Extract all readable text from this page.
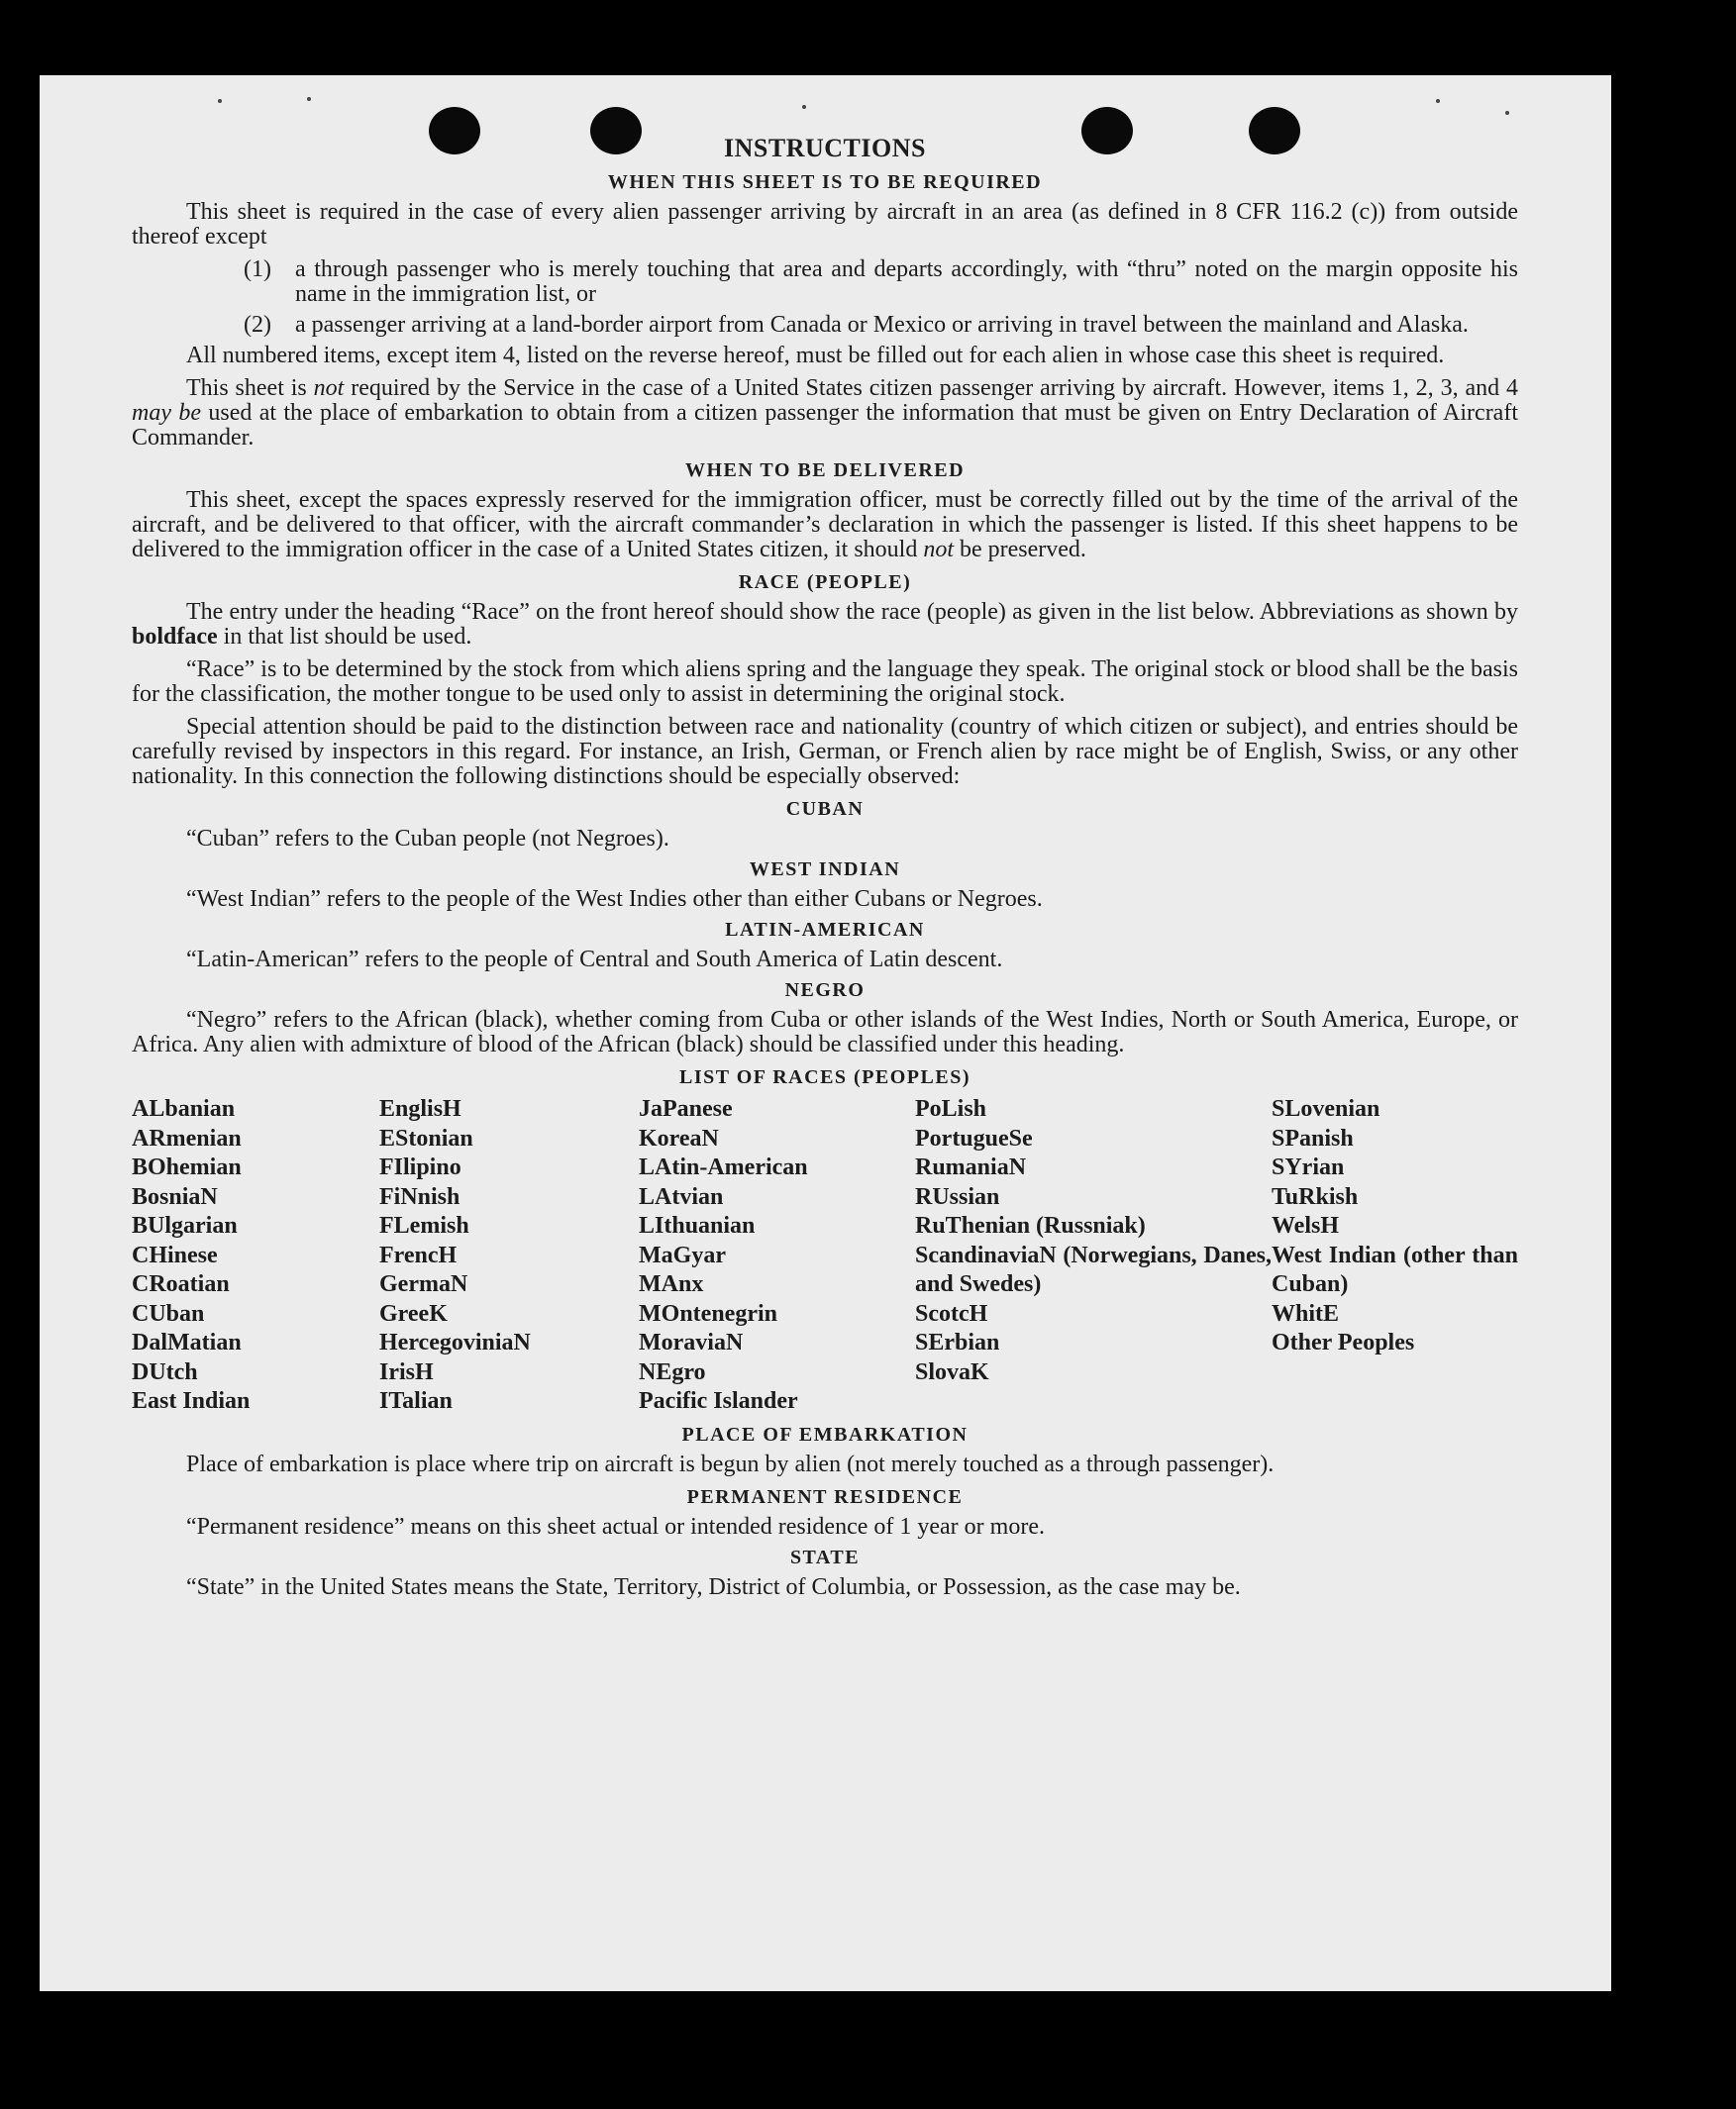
INSTRUCTIONS
WHEN THIS SHEET IS TO BE REQUIRED

This sheet is required in the case of every alien passenger arriving by aircraft in an area (as defined in 8 CFR 116.2 (c)) from outside thereof except

(1)	a through passenger who is merely touching that area and departs accordingly, with “thru” noted on the margin opposite his name in the immigration list, or
(2)	a passenger arriving at a land-border airport from Canada or Mexico or arriving in travel between the mainland and Alaska.

All numbered items, except item 4, listed on the reverse hereof, must be filled out for each alien in whose case this sheet is required.

This sheet is not required by the Service in the case of a United States citizen passenger arriving by aircraft. However, items 1, 2, 3, and 4 may be used at the place of embarkation to obtain from a citizen passenger the information that must be given on Entry Declaration of Aircraft Commander.

WHEN TO BE DELIVERED

This sheet, except the spaces expressly reserved for the immigration officer, must be correctly filled out by the time of the arrival of the aircraft, and be delivered to that officer, with the aircraft commander’s declaration in which the passenger is listed. If this sheet happens to be delivered to the immigration officer in the case of a United States citizen, it should not be preserved.

RACE (PEOPLE)

The entry under the heading “Race” on the front hereof should show the race (people) as given in the list below. Abbreviations as shown by boldface in that list should be used.

“Race” is to be determined by the stock from which aliens spring and the language they speak. The original stock or blood shall be the basis for the classification, the mother tongue to be used only to assist in determining the original stock.

Special attention should be paid to the distinction between race and nationality (country of which citizen or subject), and entries should be carefully revised by inspectors in this regard. For instance, an Irish, German, or French alien by race might be of English, Swiss, or any other nationality. In this connection the following distinctions should be especially observed:

CUBAN
“Cuban” refers to the Cuban people (not Negroes).
WEST INDIAN
“West Indian” refers to the people of the West Indies other than either Cubans or Negroes.
LATIN-AMERICAN
“Latin-American” refers to the people of Central and South America of Latin descent.
NEGRO

“Negro” refers to the African (black), whether coming from Cuba or other islands of the West Indies, North or South America, Europe, or Africa. Any alien with admixture of blood of the African (black) should be classified under this heading.

LIST OF RACES (PEOPLES)
ALbanian
ARmenian
BOhemian
BosniaN
BUlgarian
CHinese
CRoatian
CUban
DalMatian
DUtch
East Indian
EnglisH
EStonian
FIlipino
FiNnish
FLemish
FrencH
GermaN
GreeK
HercegoviniaN
IrisH
ITalian
JaPanese
KoreaN
LAtin-American
LAtvian
LIthuanian
MaGyar
MAnx
MOntenegrin
MoraviaN
NEgro
Pacific Islander
PoLish
PortugueSe
RumaniaN
RUssian
RuThenian (Russniak)
ScandinaviaN (Norwegians, Danes, and Swedes)
ScotcH
SErbian
SlovaK
SLovenian
SPanish
SYrian
TuRkish
WelsH
West Indian (other than Cuban)
WhitE
Other Peoples
PLACE OF EMBARKATION

Place of embarkation is place where trip on aircraft is begun by alien (not merely touched as a through passenger).

PERMANENT RESIDENCE
“Permanent residence” means on this sheet actual or intended residence of 1 year or more.
STATE

“State” in the United States means the State, Territory, District of Columbia, or Possession, as the case may be.
